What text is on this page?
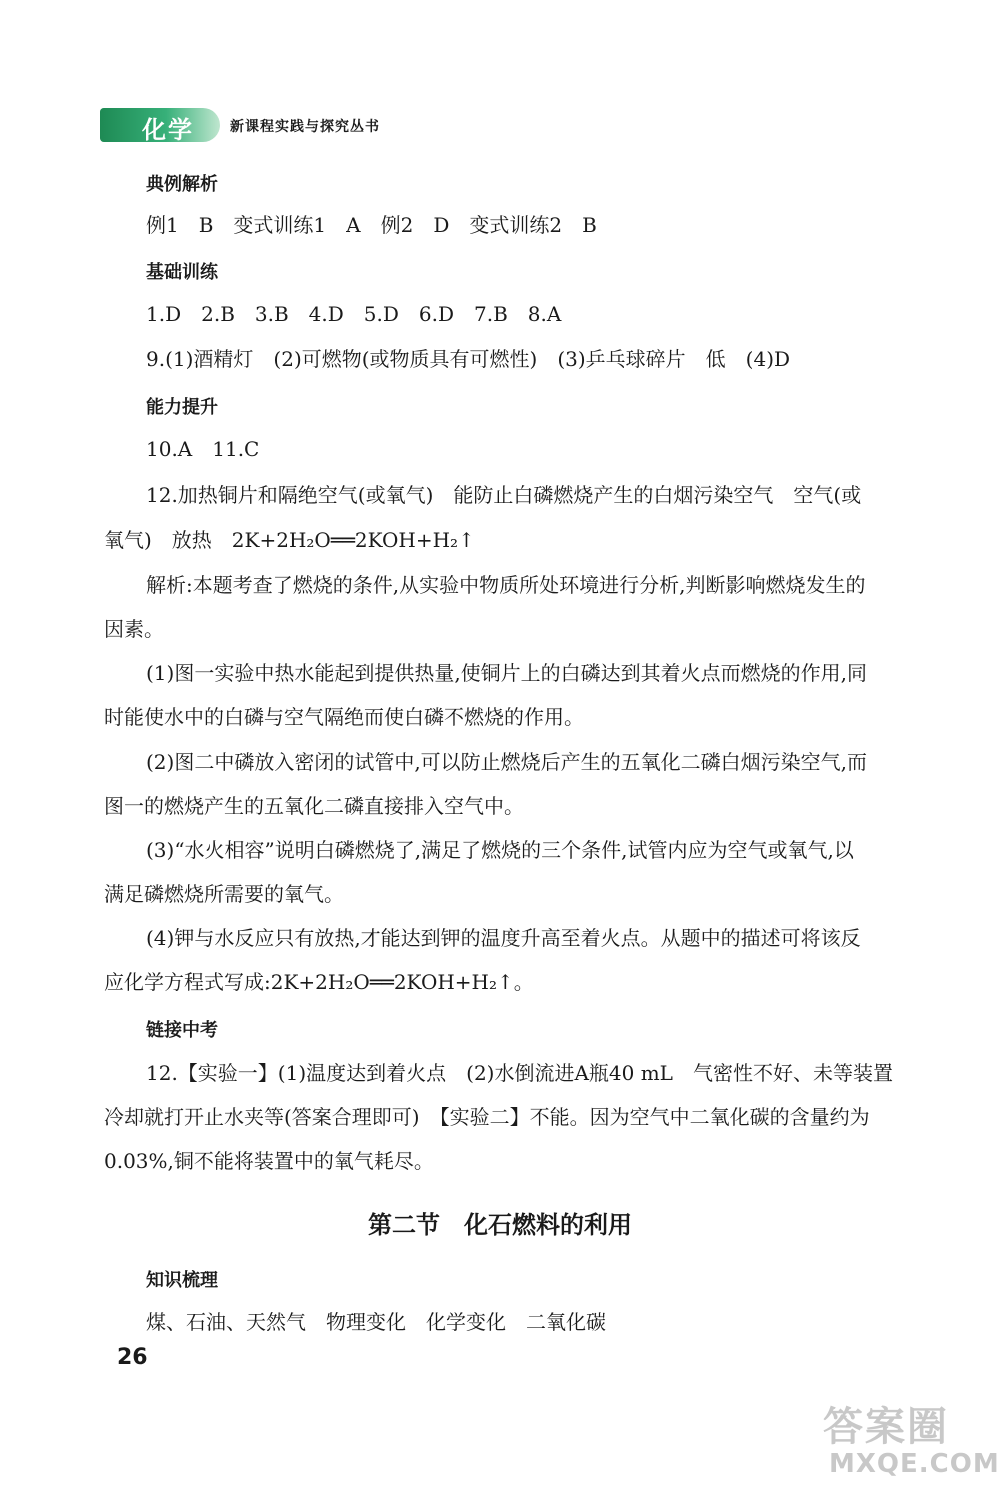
化学	新课程实践与探究丛书
典例解析
例1　B　变式训练1　A　例2　D　变式训练2　B
基础训练
1.D　2.B　3.B　4.D　5.D　6.D　7.B　8.A
9.(1)酒精灯　(2)可燃物(或物质具有可燃性)　(3)乒乓球碎片　低　(4)D
能力提升
10.A　11.C
12.加热铜片和隔绝空气(或氧气)　能防止白磷燃烧产生的白烟污染空气　空气(或
氧气)　放热　2K+2H₂O══2KOH+H₂↑
解析:本题考查了燃烧的条件,从实验中物质所处环境进行分析,判断影响燃烧发生的
因素。
(1)图一实验中热水能起到提供热量,使铜片上的白磷达到其着火点而燃烧的作用,同
时能使水中的白磷与空气隔绝而使白磷不燃烧的作用。
(2)图二中磷放入密闭的试管中,可以防止燃烧后产生的五氧化二磷白烟污染空气,而
图一的燃烧产生的五氧化二磷直接排入空气中。
(3)“水火相容”说明白磷燃烧了,满足了燃烧的三个条件,试管内应为空气或氧气,以
满足磷燃烧所需要的氧气。
(4)钾与水反应只有放热,才能达到钾的温度升高至着火点。从题中的描述可将该反
应化学方程式写成:2K+2H₂O══2KOH+H₂↑。
链接中考
12.【实验一】(1)温度达到着火点　(2)水倒流进A瓶40 mL　气密性不好、未等装置
冷却就打开止水夹等(答案合理即可)　【实验二】不能。因为空气中二氧化碳的含量约为
0.03%,铜不能将装置中的氧气耗尽。
第二节　化石燃料的利用
知识梳理
煤、石油、天然气　物理变化　化学变化　二氧化碳
26
答案圈
MXQE.COM
